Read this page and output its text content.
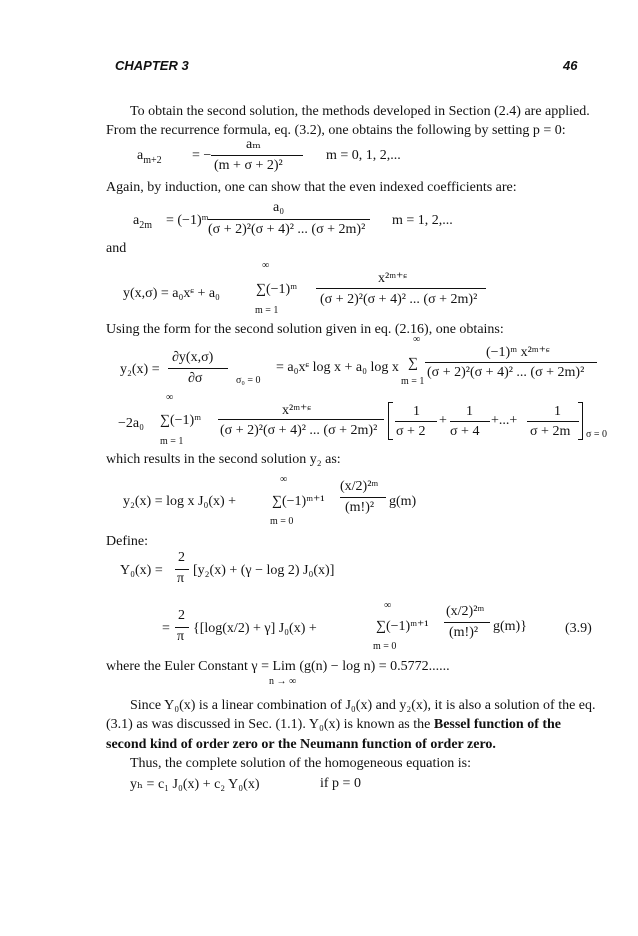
CHAPTER 3	46
To obtain the second solution, the methods developed in Section (2.4) are applied.
From the recurrence formula, eq. (3.2), one obtains the following by setting p = 0:
$a_{m+2}$ = −
aₘ
(m + σ + 2)²
m = 0, 1, 2,...
Again, by induction, one can show that the even indexed coefficients are:
$a_{2m}$ = (−1)ᵐ
a₀
(σ + 2)²(σ + 4)² ... (σ + 2m)²
m = 1, 2,...
and
y(x,σ) = a₀xᶝ + a₀
∞
∑(−1)ᵐ
m = 1
x²ᵐ⁺ᶝ
(σ + 2)²(σ + 4)² ... (σ + 2m)²
Using the form for the second solution given in eq. (2.16), one obtains:
y₂(x) =
∂y(x,σ)
∂σ	σ₀ = 0
= a₀xᶝ log x + a₀ log x
∞
∑
m = 1
(−1)ᵐ x²ᵐ⁺ᶝ
(σ + 2)²(σ + 4)² ... (σ + 2m)²
−2a₀
∞
∑(−1)ᵐ
m = 1
x²ᵐ⁺ᶝ
(σ + 2)²(σ + 4)² ... (σ + 2m)²
1
σ + 2
+
1
σ + 4
+...+
1
σ + 2m σ = 0
which results in the second solution y₂ as:
y₂(x) = log x J₀(x) +
∞
∑(−1)ᵐ⁺¹
m = 0
(x/2)²ᵐ
(m!)² g(m)
Define:
Y₀(x) =
2
π
[y₂(x) + (γ − log 2) J₀(x)]
=
2
π
{[log(x/2) + γ] J₀(x) +
∞
∑(−1)ᵐ⁺¹
m = 0
(x/2)²ᵐ
(m!)² g(m)}	(3.9)
where the Euler Constant γ = Lim (g(n) − log n) = 0.5772......
n → ∞
Since Y₀(x) is a linear combination of J₀(x) and y₂(x), it is also a solution of the eq.
(3.1) as was discussed in Sec. (1.1). Y₀(x) is known as the Bessel function of the
second kind of order zero or the Neumann function of order zero.
Thus, the complete solution of the homogeneous equation is:
yₕ = c₁ J₀(x) + c₂ Y₀(x)	if p = 0
